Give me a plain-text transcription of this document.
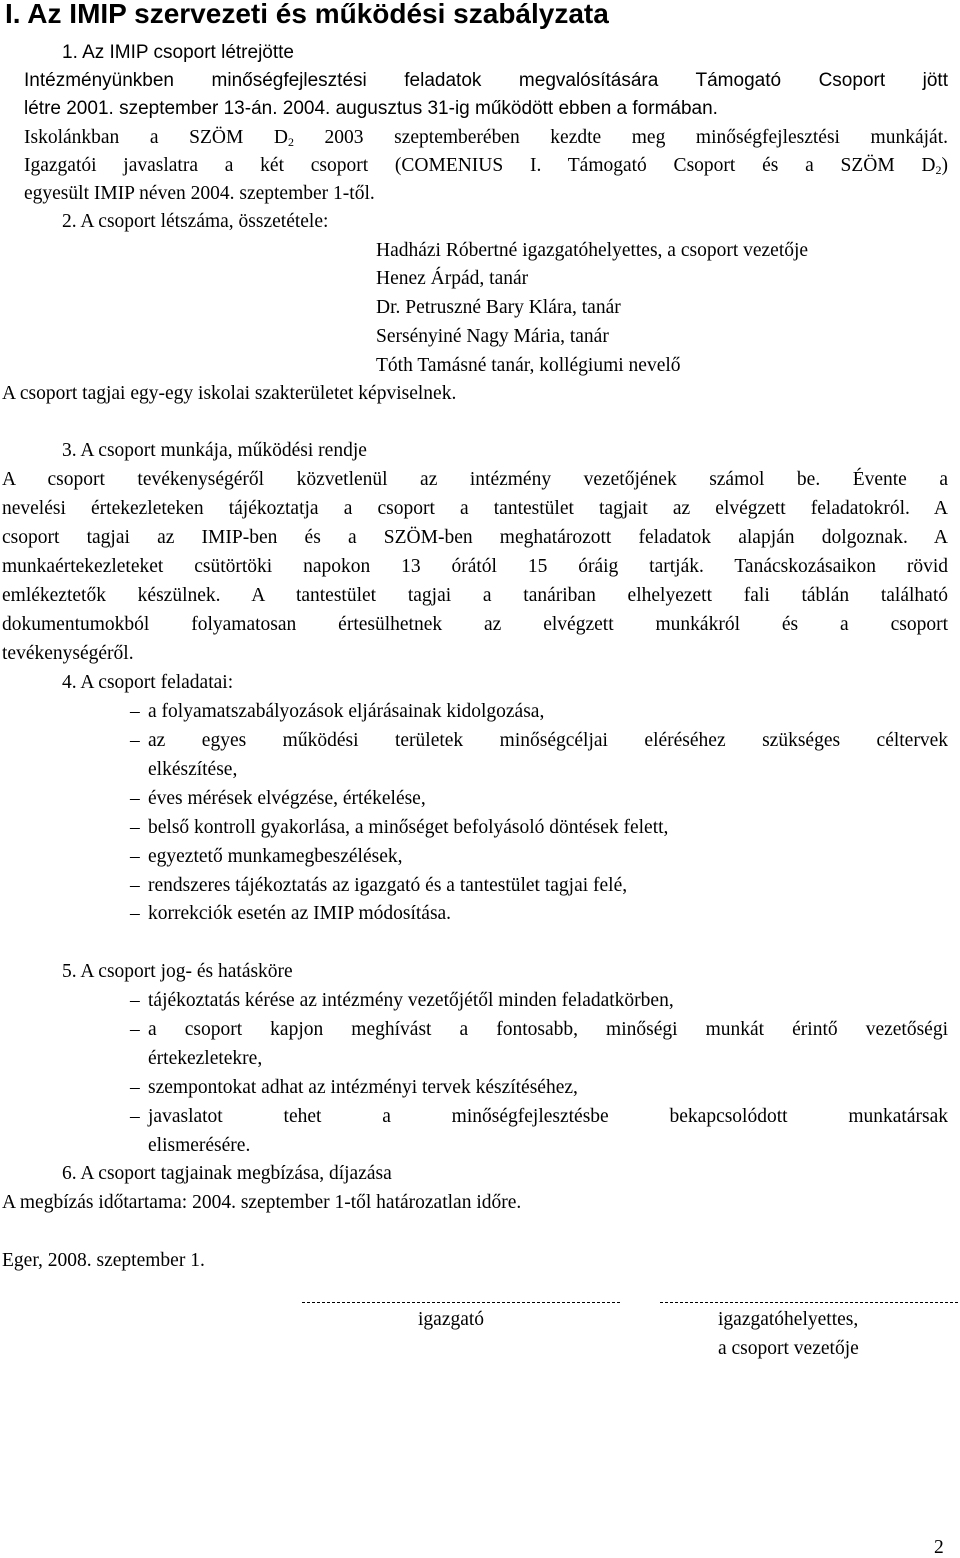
I. Az IMIP szervezeti és működési szabályzata
1. Az IMIP csoport létrejötte
Intézményünkben minőségfejlesztési feladatok megvalósítására Támogató Csoport jött
létre 2001. szeptember 13-án. 2004. augusztus 31-ig működött ebben a formában.
Iskolánkban a SZÖM $D_2$ 2003 szeptemberében kezdte meg minőségfejlesztési munkáját.
Igazgatói javaslatra a két csoport (COMENIUS I. Támogató Csoport és a SZÖM $D_2$)
egyesült IMIP néven 2004. szeptember 1-től.
2. A csoport létszáma, összetétele:
Hadházi Róbertné igazgatóhelyettes, a csoport vezetője
Henez Árpád, tanár
Dr. Petruszné Bary Klára, tanár
Sersényiné Nagy Mária, tanár
Tóth Tamásné tanár, kollégiumi nevelő
A csoport tagjai egy-egy iskolai szakterületet képviselnek.
3. A csoport munkája, működési rendje
A csoport tevékenységéről közvetlenül az intézmény vezetőjének számol be. Évente a
nevelési értekezleteken tájékoztatja a csoport a tantestület tagjait az elvégzett feladatokról. A
csoport tagjai az IMIP-ben és a SZÖM-ben meghatározott feladatok alapján dolgoznak. A
munkaértekezleteket csütörtöki napokon 13 órától 15 óráig tartják. Tanácskozásaikon rövid
emlékeztetők készülnek. A tantestület tagjai a tanáriban elhelyezett fali táblán található
dokumentumokból folyamatosan értesülhetnek az elvégzett munkákról és a csoport
tevékenységéről.
4. A csoport feladatai:
– a folyamatszabályozások eljárásainak kidolgozása,
– az egyes működési területek minőségcéljai eléréséhez szükséges céltervek
elkészítése,
– éves mérések elvégzése, értékelése,
– belső kontroll gyakorlása, a minőséget befolyásoló döntések felett,
– egyeztető munkamegbeszélések,
– rendszeres tájékoztatás az igazgató és a tantestület tagjai felé,
– korrekciók esetén az IMIP módosítása.
5. A csoport jog- és hatásköre
– tájékoztatás kérése az intézmény vezetőjétől minden feladatkörben,
– a csoport kapjon meghívást a fontosabb, minőségi munkát érintő vezetőségi
értekezletekre,
– szempontokat adhat az intézményi tervek készítéséhez,
– javaslatot tehet a minőségfejlesztésbe bekapcsolódott munkatársak
elismerésére.
6. A csoport tagjainak megbízása, díjazása
A megbízás időtartama: 2004. szeptember 1-től határozatlan időre.
Eger, 2008. szeptember 1.
igazgató	igazgatóhelyettes,
a csoport vezetője
2
